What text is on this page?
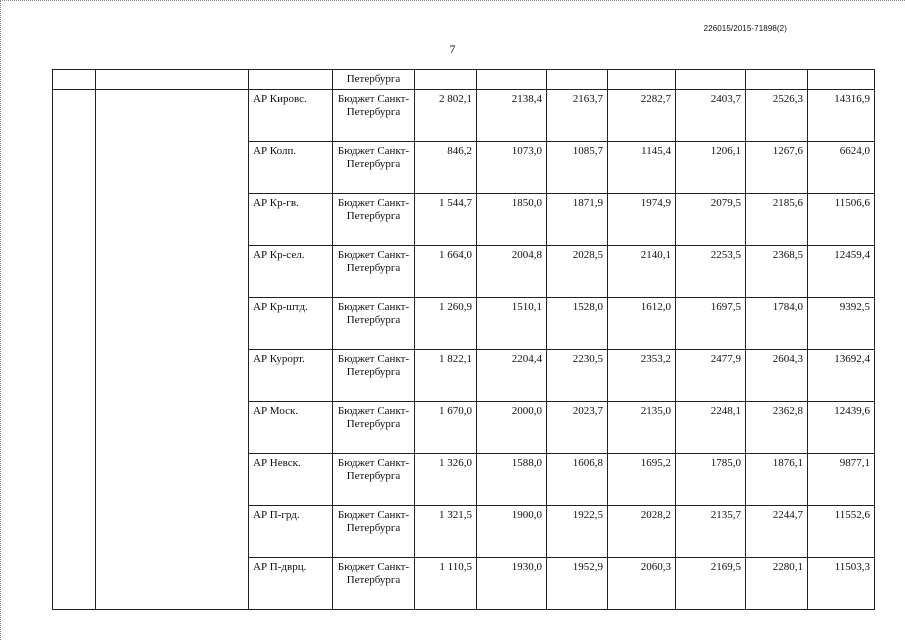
226015/2015-71898(2)
7
			Петербурга							
		АР Кировс.	Бюджет Санкт-Петербурга	2 802,1	2138,4	2163,7	2282,7	2403,7	2526,3	14316,9
		АР Колп.	Бюджет Санкт-Петербурга	846,2	1073,0	1085,7	1145,4	1206,1	1267,6	6624,0
		АР Кр-гв.	Бюджет Санкт-Петербурга	1 544,7	1850,0	1871,9	1974,9	2079,5	2185,6	11506,6
		АР Кр-сел.	Бюджет Санкт-Петербурга	1 664,0	2004,8	2028,5	2140,1	2253,5	2368,5	12459,4
		АР Кр-штд.	Бюджет Санкт-Петербурга	1 260,9	1510,1	1528,0	1612,0	1697,5	1784,0	9392,5
		АР Курорт.	Бюджет Санкт-Петербурга	1 822,1	2204,4	2230,5	2353,2	2477,9	2604,3	13692,4
		АР Моск.	Бюджет Санкт-Петербурга	1 670,0	2000,0	2023,7	2135,0	2248,1	2362,8	12439,6
		АР Невск.	Бюджет Санкт-Петербурга	1 326,0	1588,0	1606,8	1695,2	1785,0	1876,1	9877,1
		АР П-грд.	Бюджет Санкт-Петербурга	1 321,5	1900,0	1922,5	2028,2	2135,7	2244,7	11552,6
		АР П-дврц.	Бюджет Санкт-Петербурга	1 110,5	1930,0	1952,9	2060,3	2169,5	2280,1	11503,3
